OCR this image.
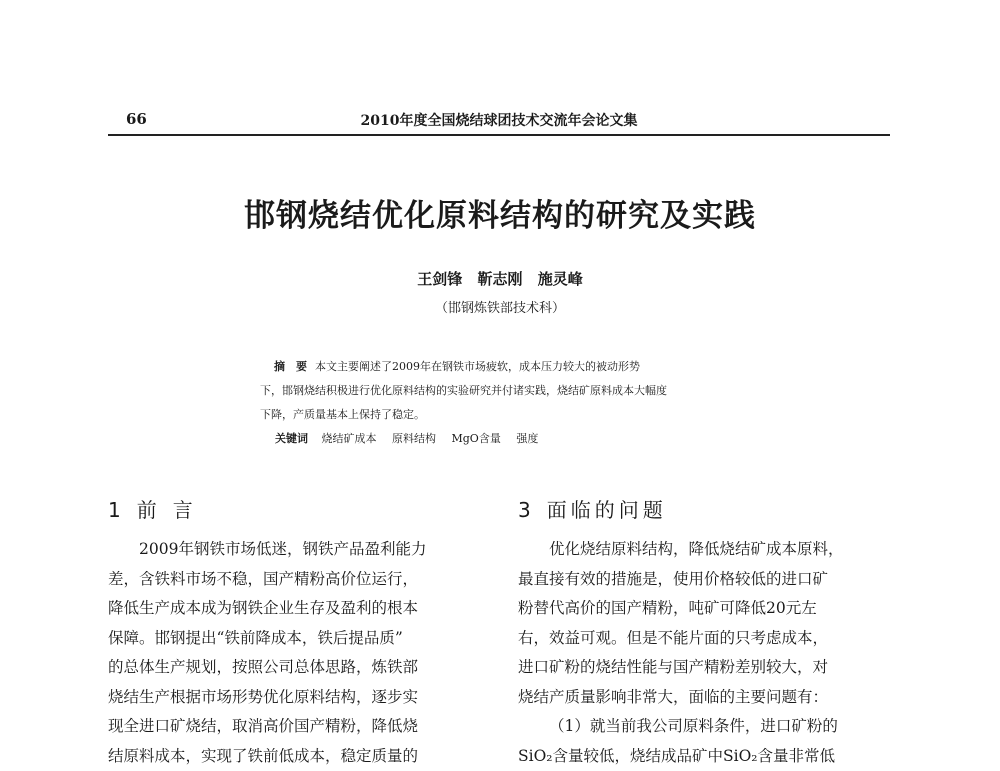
66	2010年度全国烧结球团技术交流年会论文集
邯钢烧结优化原料结构的研究及实践
王剑锋 靳志刚 施灵峰
（邯钢炼铁部技术科）
摘　要 本文主要阐述了2009年在钢铁市场疲软，成本压力较大的被动形势
下，邯钢烧结积极进行优化原料结构的实验研究并付诸实践，烧结矿原料成本大幅度
下降，产质量基本上保持了稳定。
关键词 烧结矿成本 原料结构 MgO含量 强度
1 前言
2009年钢铁市场低迷，钢铁产品盈利能力
差，含铁料市场不稳，国产精粉高价位运行，
降低生产成本成为钢铁企业生存及盈利的根本
保障。邯钢提出“铁前降成本，铁后提品质”
的总体生产规划，按照公司总体思路，炼铁部
烧结生产根据市场形势优化原料结构，逐步实
现全进口矿烧结，取消高价国产精粉，降低烧
结原料成本，实现了铁前低成本，稳定质量的
3 面临的问题
优化烧结原料结构，降低烧结矿成本原料，
最直接有效的措施是，使用价格较低的进口矿
粉替代高价的国产精粉，吨矿可降低20元左
右，效益可观。但是不能片面的只考虑成本，
进口矿粉的烧结性能与国产精粉差别较大，对
烧结产质量影响非常大，面临的主要问题有：
（1）就当前我公司原料条件，进口矿粉的
SiO₂含量较低，烧结成品矿中SiO₂含量非常低
